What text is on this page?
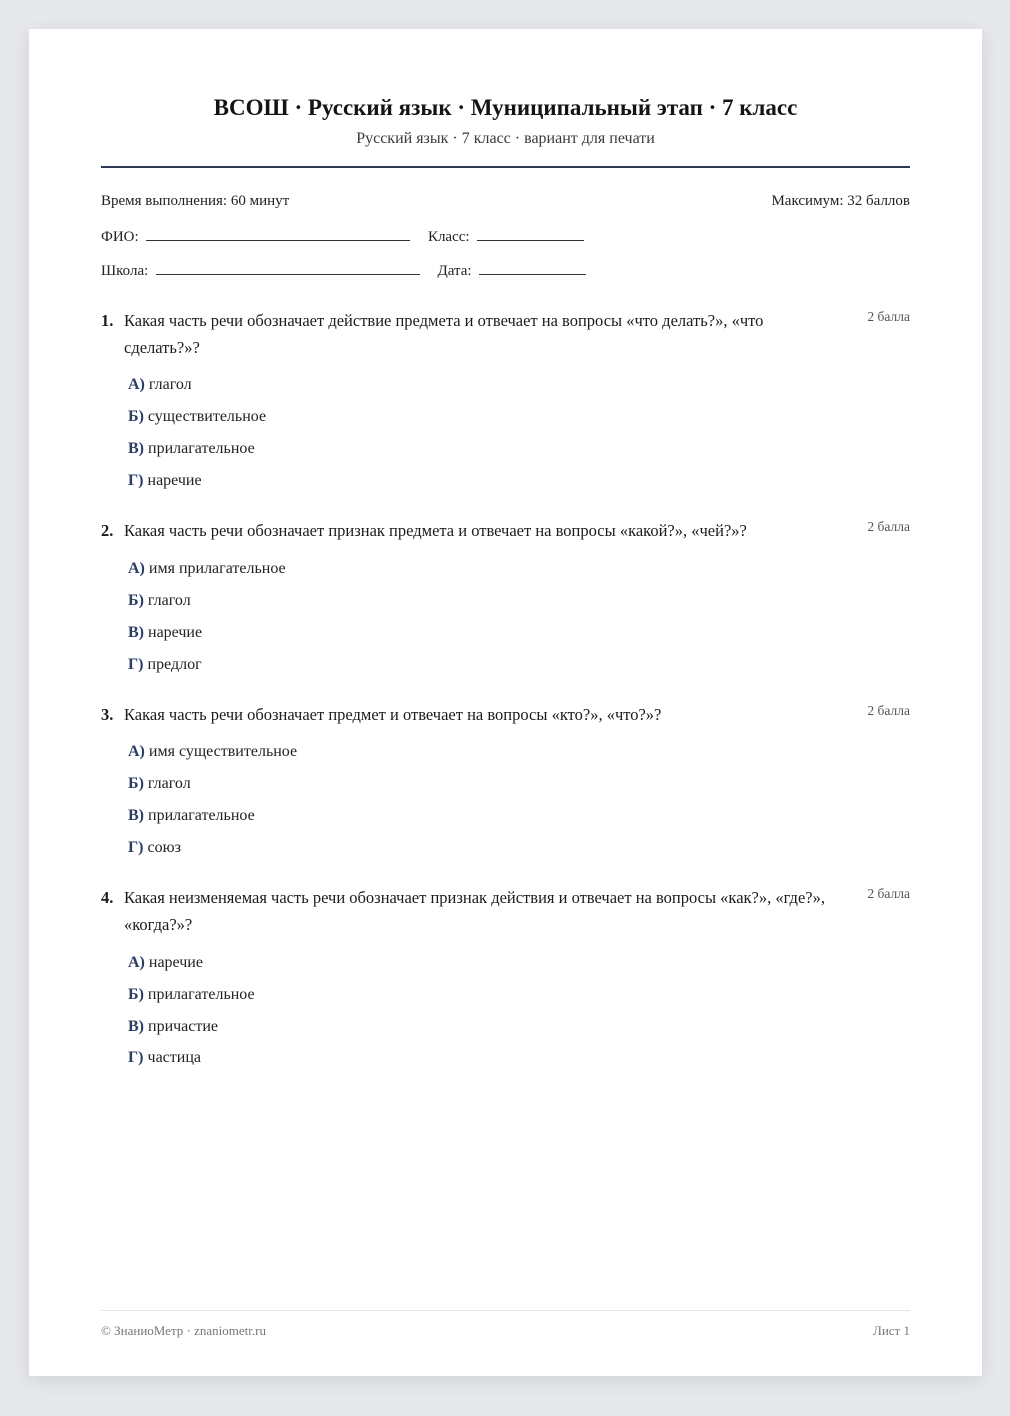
ВСОШ · Русский язык · Муниципальный этап · 7 класс
Русский язык · 7 класс · вариант для печати
Время выполнения: 60 минут	Максимум: 32 баллов
ФИО:	Класс:
Школа:	Дата:
1. Какая часть речи обозначает действие предмета и отвечает на вопросы «что делать?», «что сделать?»?
2 балла
А) глагол
Б) существительное
В) прилагательное
Г) наречие
2. Какая часть речи обозначает признак предмета и отвечает на вопросы «какой?», «чей?»?	2 балла
А) имя прилагательное
Б) глагол
В) наречие
Г) предлог
3. Какая часть речи обозначает предмет и отвечает на вопросы «кто?», «что?»?	2 балла
А) имя существительное
Б) глагол
В) прилагательное
Г) союз
4. Какая неизменяемая часть речи обозначает признак действия и отвечает на вопросы «как?», «где?», «когда?»?
2 балла
А) наречие
Б) прилагательное
В) причастие
Г) частица
© ЗнаниоМетр · znaniometr.ru	Лист 1
